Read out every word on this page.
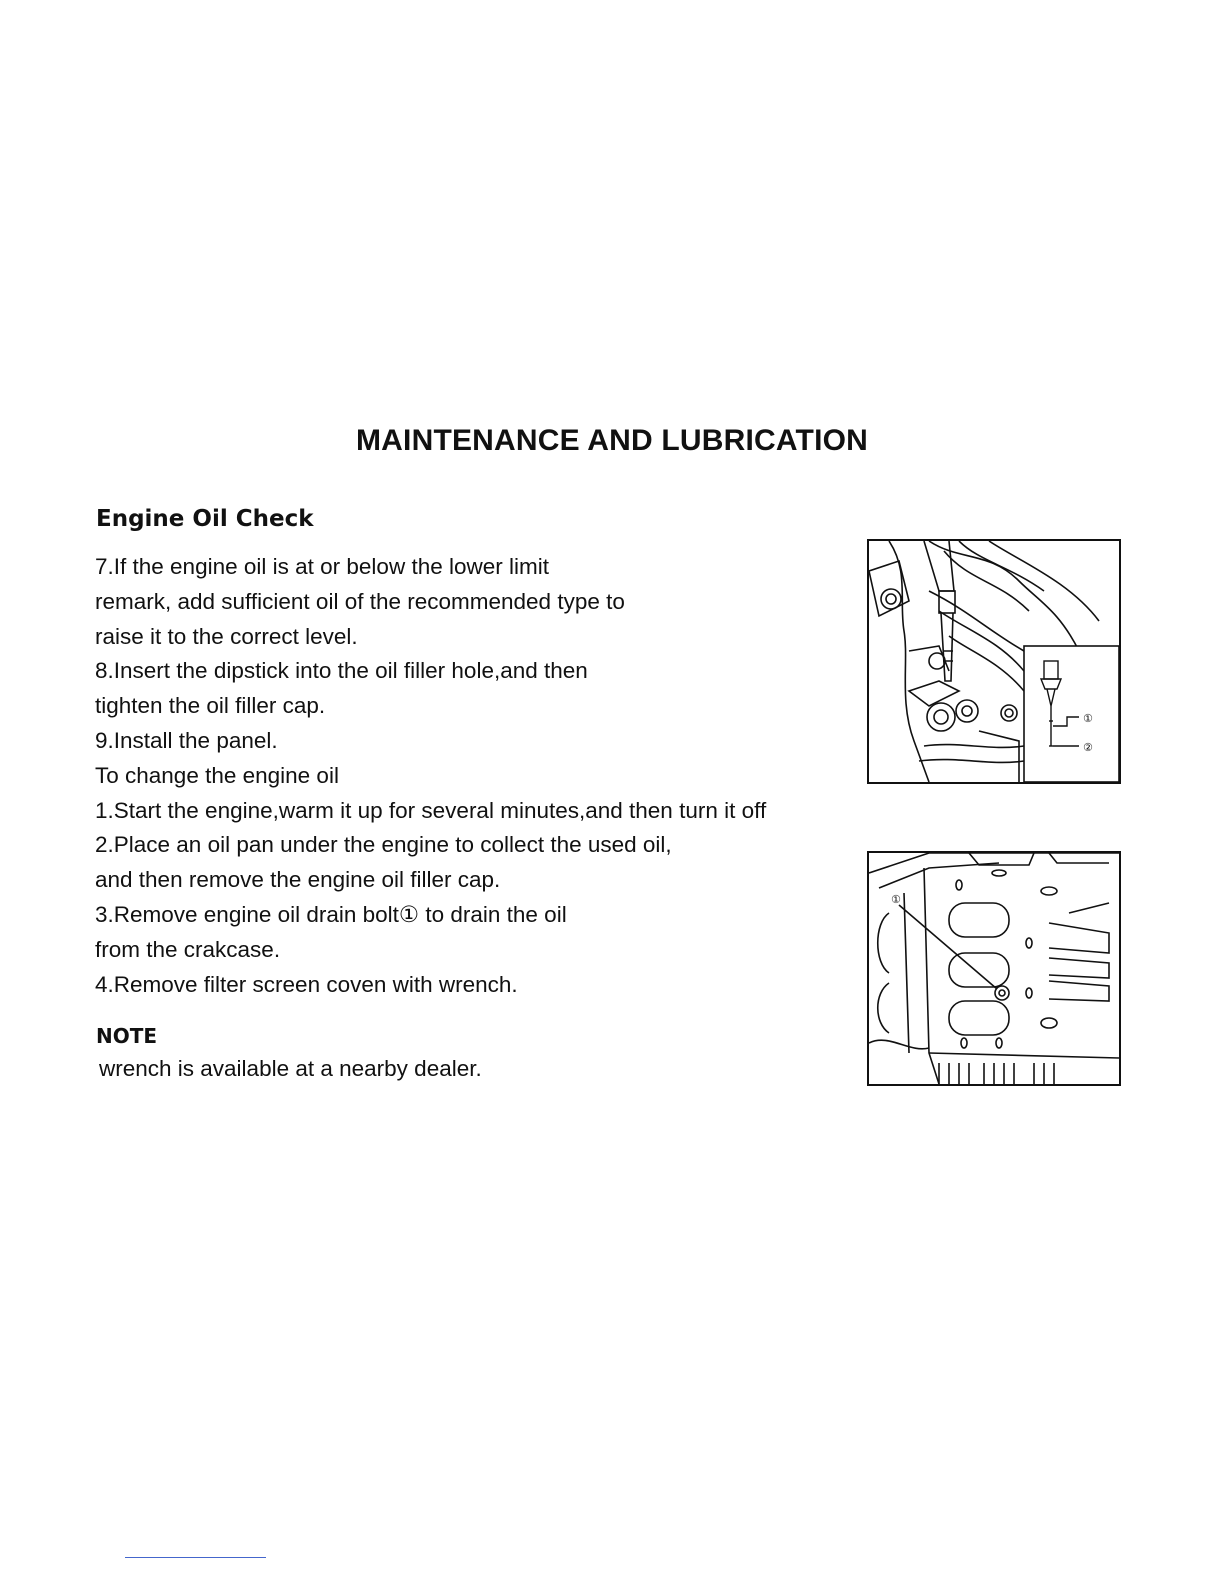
MAINTENANCE AND LUBRICATION
Engine Oil Check
7.If the engine oil is at or below the lower limit
remark, add sufficient oil of the recommended type to
raise it to the correct level.
8.Insert the dipstick into the oil filler hole,and then
tighten the oil filler cap.
9.Install the panel.
To change the engine oil
1.Start the engine,warm it up for several minutes,and then turn it off
2.Place an oil pan under the engine to collect the used oil,
and then remove the engine oil filler cap.
3.Remove engine oil drain bolt① to drain the oil
from the crakcase.
4.Remove filter screen coven with wrench.
NOTE
wrench is available at a nearby dealer.
①
②
①
